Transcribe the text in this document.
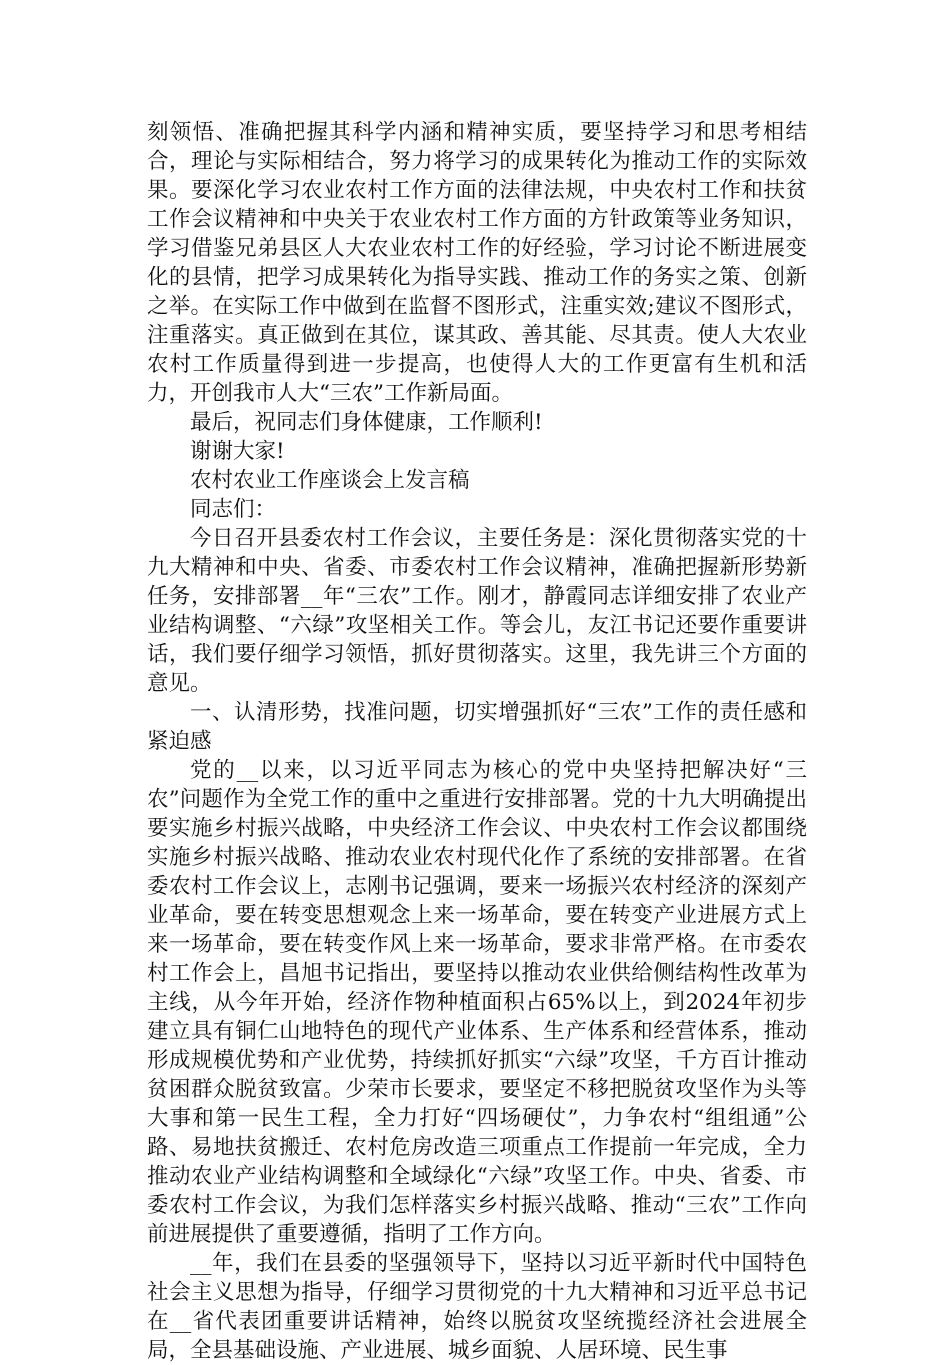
刻领悟、准确把握其科学内涵和精神实质，要坚持学习和思考相结合，理论与实际相结合，努力将学习的成果转化为推动工作的实际效果。要深化学习农业农村工作方面的法律法规，中央农村工作和扶贫工作会议精神和中央关于农业农村工作方面的方针政策等业务知识，学习借鉴兄弟县区人大农业农村工作的好经验，学习讨论不断进展变化的县情，把学习成果转化为指导实践、推动工作的务实之策、创新之举。在实际工作中做到在监督不图形式，注重实效;建议不图形式，注重落实。真正做到在其位，谋其政、善其能、尽其责。使人大农业农村工作质量得到进一步提高，也使得人大的工作更富有生机和活力，开创我市人大“三农”工作新局面。

最后，祝同志们身体健康，工作顺利!

谢谢大家!

农村农业工作座谈会上发言稿

同志们：

今日召开县委农村工作会议，主要任务是：深化贯彻落实党的十九大精神和中央、省委、市委农村工作会议精神，准确把握新形势新任务，安排部署__年“三农”工作。刚才，静霞同志详细安排了农业产业结构调整、“六绿”攻坚相关工作。等会儿，友江书记还要作重要讲话，我们要仔细学习领悟，抓好贯彻落实。这里，我先讲三个方面的意见。

一、认清形势，找准问题，切实增强抓好“三农”工作的责任感和紧迫感

党的__以来，以习近平同志为核心的党中央坚持把解决好“三农”问题作为全党工作的重中之重进行安排部署。党的十九大明确提出要实施乡村振兴战略，中央经济工作会议、中央农村工作会议都围绕实施乡村振兴战略、推动农业农村现代化作了系统的安排部署。在省委农村工作会议上，志刚书记强调，要来一场振兴农村经济的深刻产业革命，要在转变思想观念上来一场革命，要在转变产业进展方式上来一场革命，要在转变作风上来一场革命，要求非常严格。在市委农村工作会上，昌旭书记指出，要坚持以推动农业供给侧结构性改革为主线，从今年开始，经济作物种植面积占65%以上，到2024年初步建立具有铜仁山地特色的现代产业体系、生产体系和经营体系，推动形成规模优势和产业优势，持续抓好抓实“六绿”攻坚，千方百计推动贫困群众脱贫致富。少荣市长要求，要坚定不移把脱贫攻坚作为头等大事和第一民生工程，全力打好“四场硬仗”，力争农村“组组通”公路、易地扶贫搬迁、农村危房改造三项重点工作提前一年完成，全力推动农业产业结构调整和全域绿化“六绿”攻坚工作。中央、省委、市委农村工作会议，为我们怎样落实乡村振兴战略、推动“三农”工作向前进展提供了重要遵循，指明了工作方向。

__年，我们在县委的坚强领导下，坚持以习近平新时代中国特色社会主义思想为指导，仔细学习贯彻党的十九大精神和习近平总书记在__省代表团重要讲话精神，始终以脱贫攻坚统揽经济社会进展全局，全县基础设施、产业进展、城乡面貌、人居环境、民生事
